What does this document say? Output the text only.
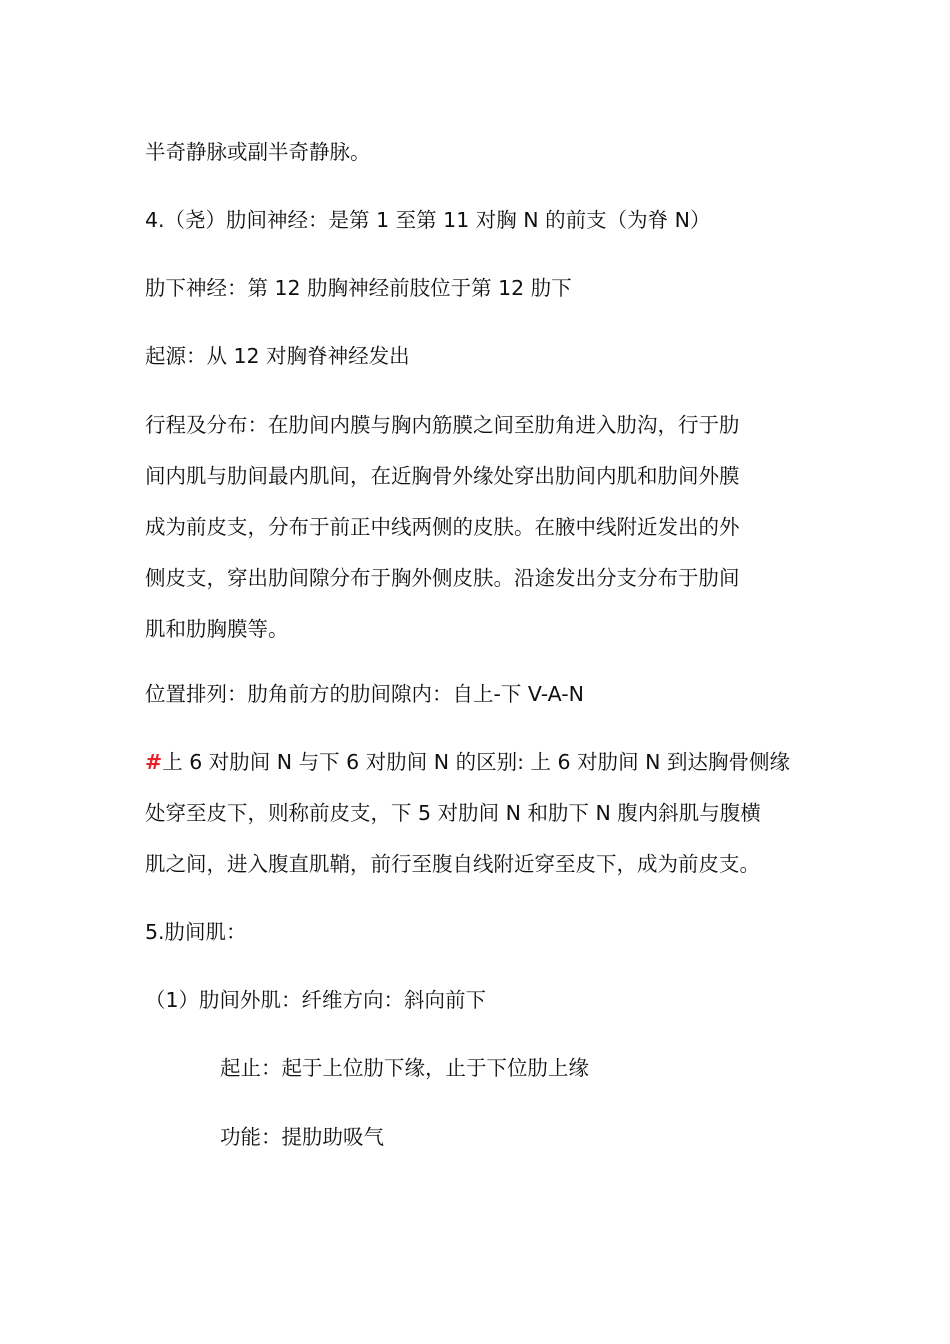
半奇静脉或副半奇静脉。
4.（尧）肋间神经：是第 1 至第 11 对胸 N 的前支（为脊 N）
肋下神经：第 12 肋胸神经前肢位于第 12 肋下
起源：从 12 对胸脊神经发出
行程及分布：在肋间内膜与胸内筋膜之间至肋角进入肋沟，行于肋
间内肌与肋间最内肌间，在近胸骨外缘处穿出肋间内肌和肋间外膜
成为前皮支，分布于前正中线两侧的皮肤。在腋中线附近发出的外
侧皮支，穿出肋间隙分布于胸外侧皮肤。沿途发出分支分布于肋间
肌和肋胸膜等。
位置排列：肋角前方的肋间隙内：自上-下 V-A-N
#上 6 对肋间 N 与下 6 对肋间 N 的区别: 上 6 对肋间 N 到达胸骨侧缘
处穿至皮下，则称前皮支，下 5 对肋间 N 和肋下 N 腹内斜肌与腹横
肌之间，进入腹直肌鞘，前行至腹自线附近穿至皮下，成为前皮支。
5.肋间肌：
（1）肋间外肌：纤维方向：斜向前下
起止：起于上位肋下缘，止于下位肋上缘
功能：提肋助吸气
